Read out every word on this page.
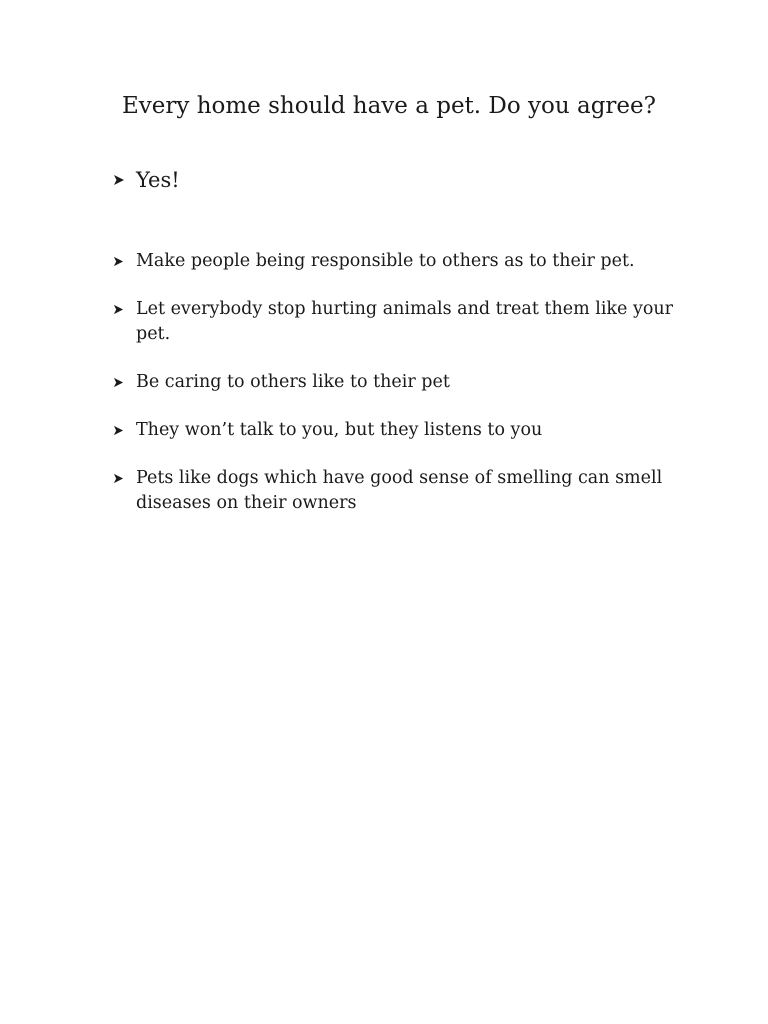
Every home should have a pet. Do you agree?
Yes!
Make people being responsible to others as to their pet.
Let everybody stop hurting animals and treat them like your pet.
Be caring to others like to their pet
They won’t talk to you, but they listens to you
Pets like dogs which have good sense of smelling can smell diseases on their owners
